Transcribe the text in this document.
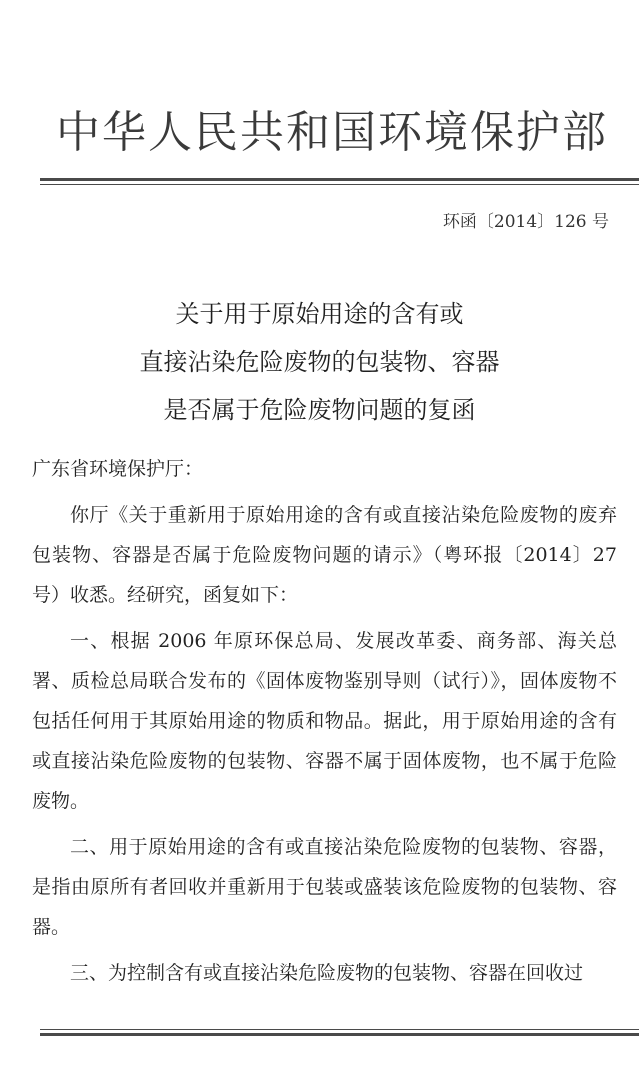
中华人民共和国环境保护部
环函〔2014〕126 号
关于用于原始用途的含有或
直接沾染危险废物的包装物、容器
是否属于危险废物问题的复函

广东省环境保护厅：

你厅《关于重新用于原始用途的含有或直接沾染危险废物的废弃包装物、容器是否属于危险废物问题的请示》（粤环报〔2014〕27 号）收悉。经研究，函复如下：

一、根据 2006 年原环保总局、发展改革委、商务部、海关总署、质检总局联合发布的《固体废物鉴别导则（试行）》，固体废物不包括任何用于其原始用途的物质和物品。据此，用于原始用途的含有或直接沾染危险废物的包装物、容器不属于固体废物，也不属于危险废物。

二、用于原始用途的含有或直接沾染危险废物的包装物、容器，是指由原所有者回收并重新用于包装或盛装该危险废物的包装物、容器。

三、为控制含有或直接沾染危险废物的包装物、容器在回收过
